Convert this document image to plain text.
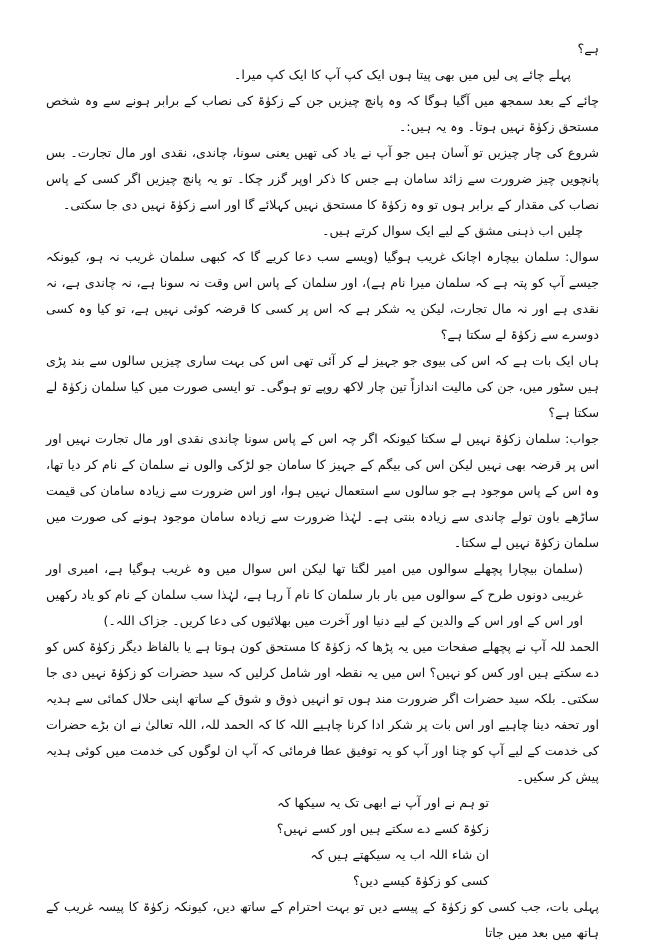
ہے؟

پہلے چائے پی لیں میں بھی پیتا ہوں ایک کپ آپ کا ایک کپ میرا۔

چائے کے بعد سمجھ میں آگیا ہوگا کہ وہ پانچ چیزیں جن کے زکوٰۃ کی نصاب کے برابر ہونے سے وہ شخص مستحق زکوٰۃ نہیں ہوتا۔ وہ یہ ہیں:۔

شروع کی چار چیزیں تو آسان ہیں جو آپ نے یاد کی تھیں یعنی سونا، چاندی، نقدی اور مال تجارت۔ بس پانچویں چیز ضرورت سے زائد سامان ہے جس کا ذکر اوپر گزر چکا۔ تو یہ پانچ چیزیں اگر کسی کے پاس نصاب کی مقدار کے برابر ہوں تو وہ زکوٰۃ کا مستحق نہیں کہلائے گا اور اسے زکوٰۃ نہیں دی جا سکتی۔

چلیں اب ذہنی مشق کے لیے ایک سوال کرتے ہیں۔

سوال: سلمان بیچارہ اچانک غریب ہوگیا (ویسے سب دعا کریے گا کہ کبھی سلمان غریب نہ ہو، کیونکہ جیسے آپ کو پتہ ہے کہ سلمان میرا نام ہے)، اور سلمان کے پاس اس وقت نہ سونا ہے، نہ چاندی ہے، نہ نقدی ہے اور نہ مال تجارت، لیکن یہ شکر ہے کہ اس پر کسی کا قرضہ کوئی نہیں ہے، تو کیا وہ کسی دوسرے سے زکوٰۃ لے سکتا ہے؟

ہاں ایک بات ہے کہ اس کی بیوی جو جہیز لے کر آئی تھی اس کی بہت ساری چیزیں سالوں سے بند پڑی ہیں سٹور میں، جن کی مالیت اندازاً تین چار لاکھ روپے تو ہوگی۔ تو ایسی صورت میں کیا سلمان زکوٰۃ لے سکتا ہے؟

جواب: سلمان زکوٰۃ نہیں لے سکتا کیونکہ اگر چہ اس کے پاس سونا چاندی نقدی اور مال تجارت نہیں اور اس پر قرضہ بھی نہیں لیکن اس کی بیگم کے جہیز کا سامان جو لڑکی والوں نے سلمان کے نام کر دیا تھا، وہ اس کے پاس موجود ہے جو سالوں سے استعمال نہیں ہوا، اور اس ضرورت سے زیادہ سامان کی قیمت ساڑھے باون تولے چاندی سے زیادہ بنتی ہے۔ لہٰذا ضرورت سے زیادہ سامان موجود ہونے کی صورت میں سلمان زکوٰۃ نہیں لے سکتا۔

(سلمان بیچارا پچھلے سوالوں میں امیر لگتا تھا لیکن اس سوال میں وہ غریب ہوگیا ہے، امیری اور غریبی دونوں طرح کے سوالوں میں بار بار سلمان کا نام آ رہا ہے، لہٰذا سب سلمان کے نام کو یاد رکھیں اور اس کے اور اس کے والدین کے لیے دنیا اور آخرت میں بھلائیوں کی دعا کریں۔ جزاک اللہ۔)

الحمد للہ آپ نے پچھلے صفحات میں یہ پڑھا کہ زکوٰۃ کا مستحق کون ہوتا ہے یا بالفاظ دیگر زکوٰۃ کس کو دے سکتے ہیں اور کس کو نہیں؟ اس میں یہ نقطہ اور شامل کرلیں کہ سید حضرات کو زکوٰۃ نہیں دی جا سکتی۔ بلکہ سید حضرات اگر ضرورت مند ہوں تو انہیں ذوق و شوق کے ساتھ اپنی حلال کمائی سے ہدیہ اور تحفہ دینا چاہیے اور اس بات پر شکر ادا کرنا چاہیے اللہ کا کہ الحمد للہ، اللہ تعالیٰ نے ان بڑے حضرات کی خدمت کے لیے آپ کو چنا اور آپ کو یہ توفیق عطا فرمائی کہ آپ ان لوگوں کی خدمت میں کوئی ہدیہ پیش کر سکیں۔

تو ہم نے اور آپ نے ابھی تک یہ سیکھا کہ

زکوٰۃ کسے دے سکتے ہیں اور کسے نہیں؟

ان شاء اللہ اب یہ سیکھتے ہیں کہ

کسی کو زکوٰۃ کیسے دیں؟

پہلی بات، جب کسی کو زکوٰۃ کے پیسے دیں تو بہت احترام کے ساتھ دیں، کیونکہ زکوٰۃ کا پیسہ غریب کے ہاتھ میں بعد میں جاتا
